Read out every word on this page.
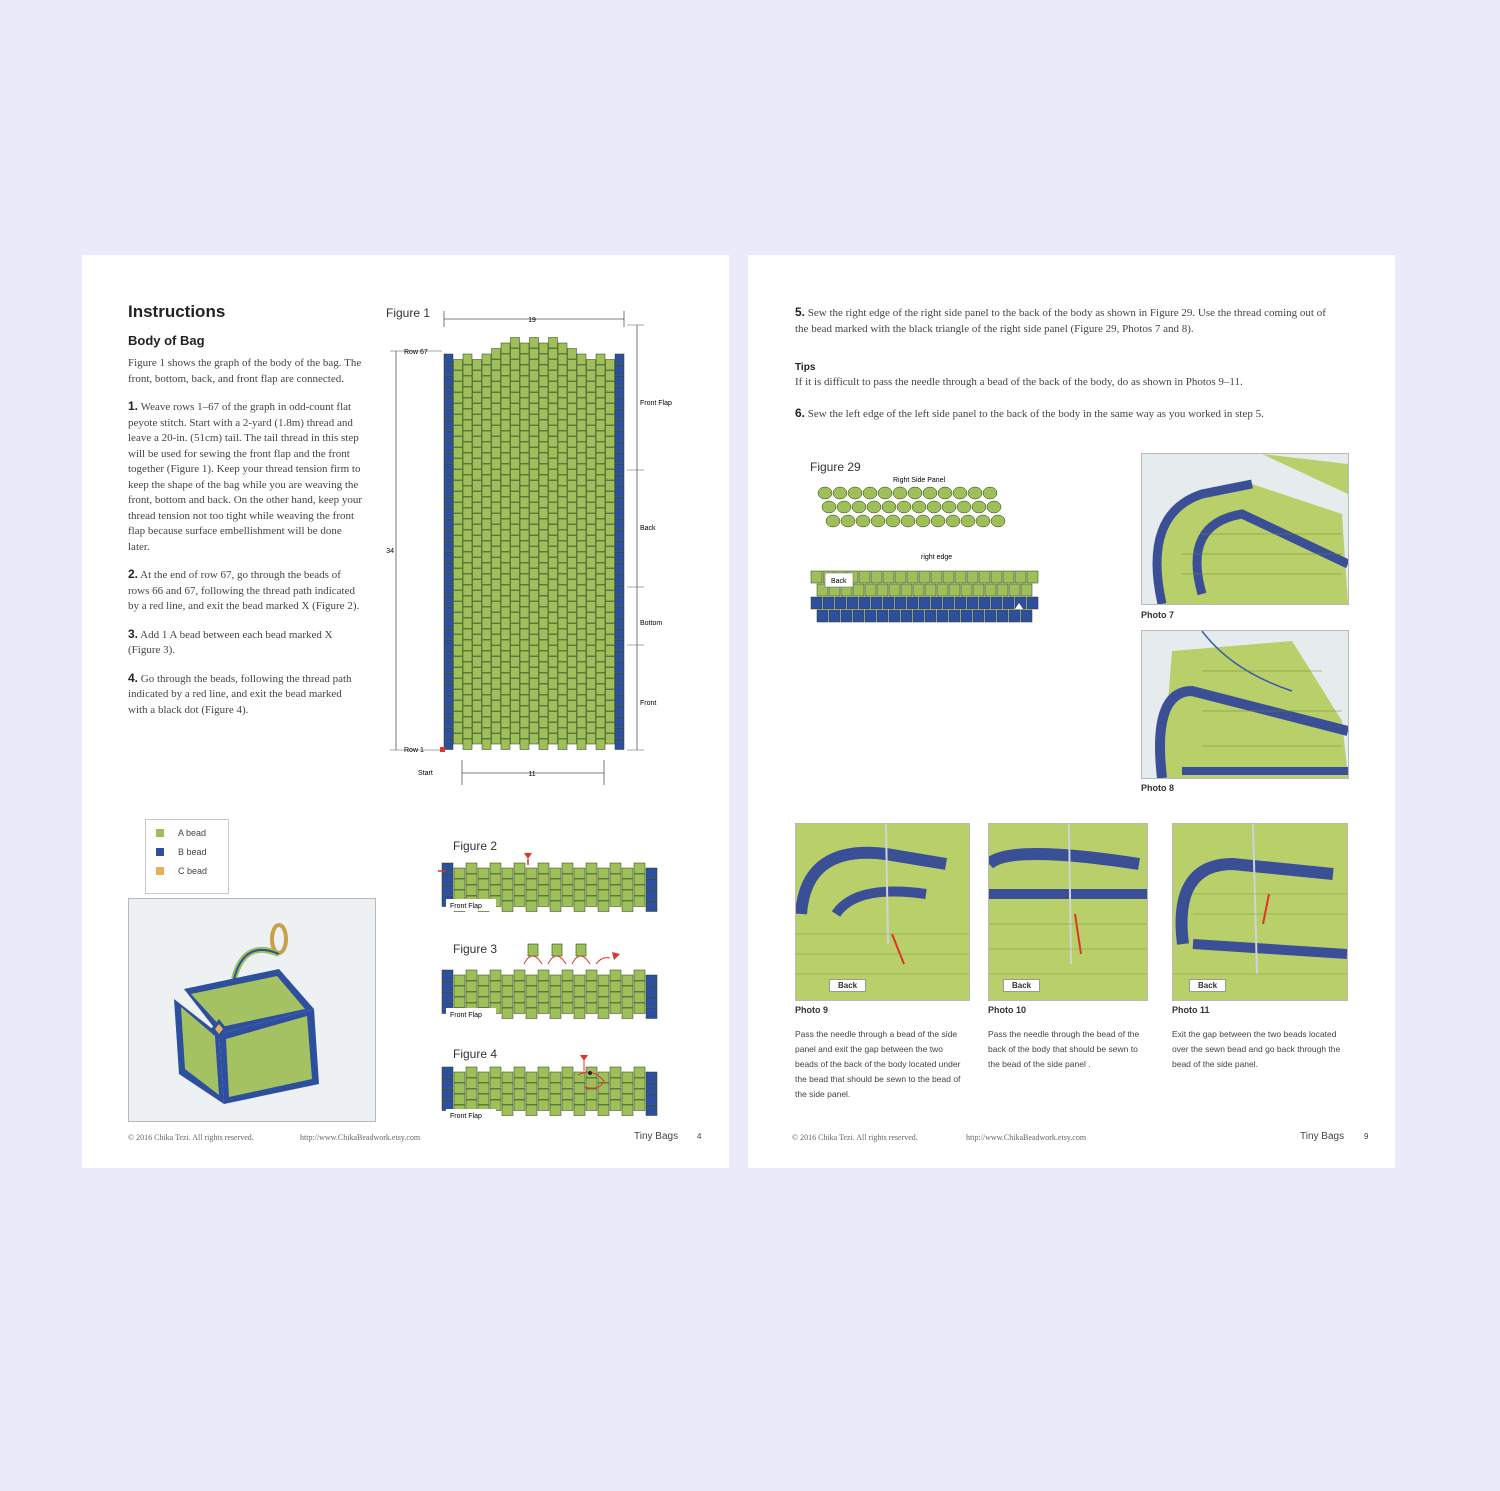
Instructions
Body of Bag

Figure 1 shows the graph of the body of the bag. The front, bottom, back, and front flap are connected.

1. Weave rows 1–67 of the graph in odd-count flat peyote stitch. Start with a 2-yard (1.8m) thread and leave a 20-in. (51cm) tail. The tail thread in this step will be used for sewing the front flap and the front together (Figure 1). Keep your thread tension firm to keep the shape of the bag while you are weaving the front, bottom and back. On the other hand, keep your thread tension not too tight while weaving the front flap because surface embellishment will be done later.

2. At the end of row 67, go through the beads of rows 66 and 67, following the thread path indicated by a red line, and exit the bead marked X (Figure 2).

3. Add 1 A bead between each bead marked X (Figure 3).

4. Go through the beads, following the thread path indicated by a red line, and exit the bead marked with a black dot (Figure 4).

Figure 1
19
11
34
Row 67
Row 1
Start
Front Flap
Back
Bottom
Front
A bead
B bead
C bead
Figure 2
Front Flap
Figure 3
Front Flap
Figure 4
Front Flap
© 2016 Chika Tezi. All rights reserved.	http://www.ChikaBeadwork.etsy.com	Tiny Bags 4
5. Sew the right edge of the right side panel to the back of the body as shown in Figure 29. Use the thread coming out of the bead marked with the black triangle of the right side panel (Figure 29, Photos 7 and 8).
Tips
If it is difficult to pass the needle through a bead of the back of the body, do as shown in Photos 9–11.
6. Sew the left edge of the left side panel to the back of the body in the same way as you worked in step 5.
Figure 29
Right Side Panel
right edge
Back
Photo 7
Photo 8
Back
Photo 9
Pass the needle through a bead of the side panel and exit the gap between the two beads of the back of the body located under the bead that should be sewn to the bead of the side panel.
Back
Photo 10
Pass the needle through the bead of the back of the body that should be sewn to the bead of the side panel .
Back
Photo 11
Exit the gap between the two beads located over the sewn bead and go back through the bead of the side panel.
© 2016 Chika Tezi. All rights reserved.	http://www.ChikaBeadwork.etsy.com	Tiny Bags 9
